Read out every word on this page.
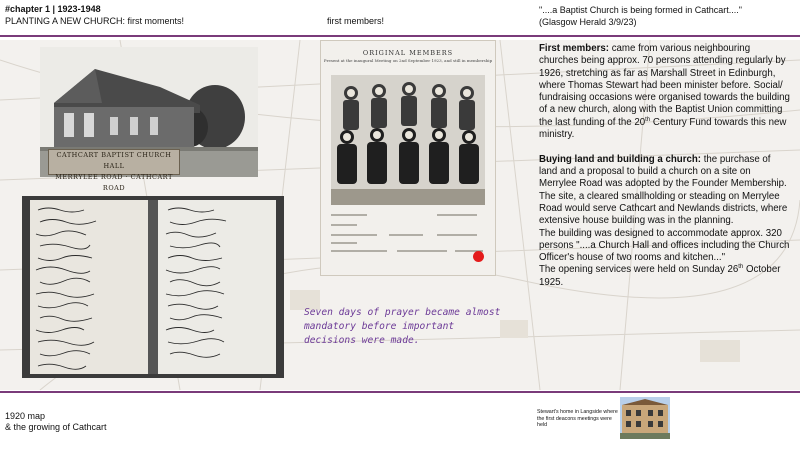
#chapter 1 | 1923-1948
PLANTING A NEW CHURCH: first moments!	first members!
"....a Baptist Church is being formed in Cathcart...."
(Glasgow Herald 3/9/23)
CATHCART BAPTIST CHURCH HALL
MERRYLEE ROAD · CATHCART ROAD
ORIGINAL MEMBERS
Present at the inaugural Meeting on 2nd September 1923, and still in membership
Seven days of prayer became almost mandatory before important decisions were made.

First members: came from various neighbouring churches being approx. 70 persons attending regularly by 1926, stretching as far as Marshall Street in Edinburgh, where Thomas Stewart had been minister before. Social/ fundraising occasions were organised towards the building of a new church, along with the Baptist Union committing the last funding of the 20th Century Fund towards this new ministry.

Buying land and building a church: the purchase of land and a proposal to build a church on a site on Merrylee Road was adopted by the Founder Membership. The site, a cleared smallholding or steading on Merrylee Road would serve Cathcart and Newlands districts, where extensive house building was in the planning.
The building was designed to accommodate approx. 320 persons "....a Church Hall and offices including the Church Officer's house of two rooms and kitchen..."
The opening services were held on Sunday 26th October 1925.

1920 map
& the growing of Cathcart
Stewart's home in Langside where the first deacons meetings were held
